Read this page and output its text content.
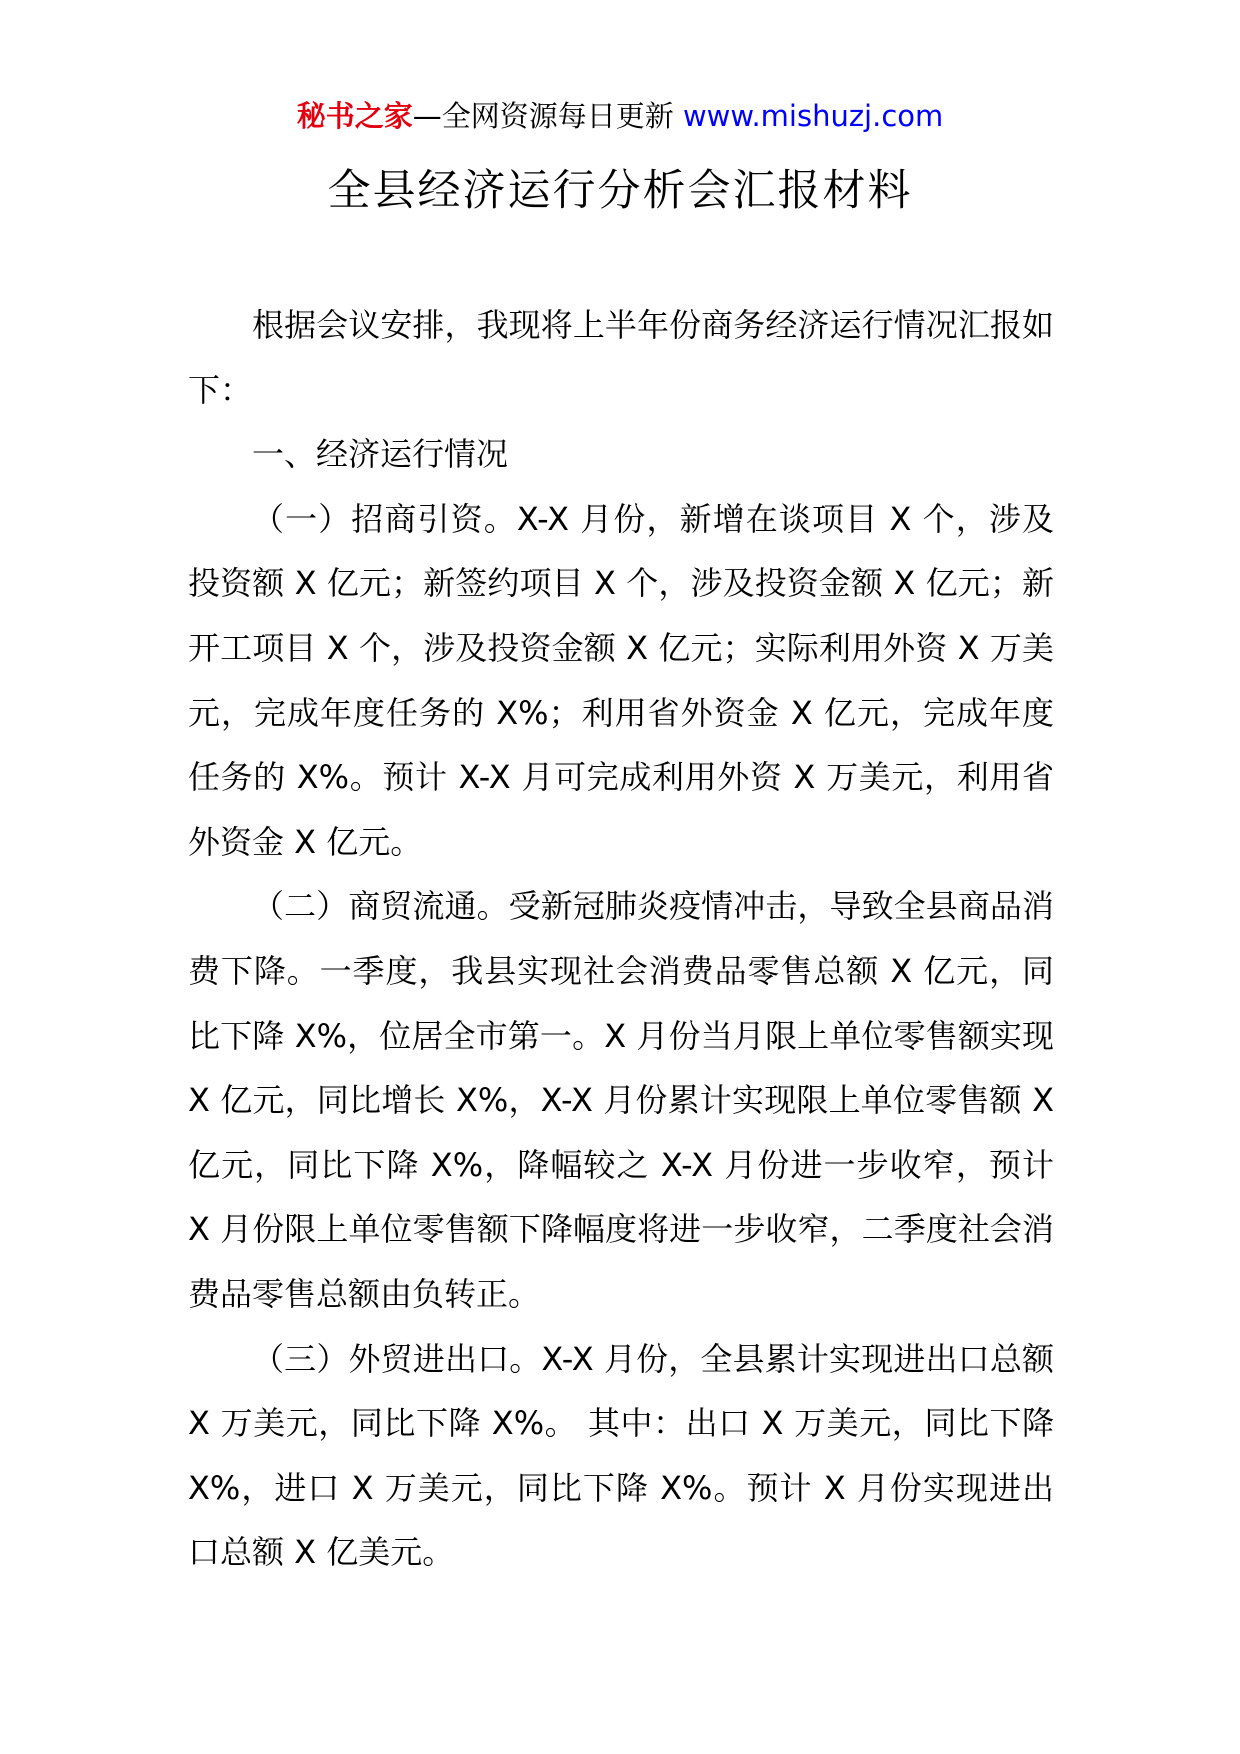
秘书之家—全网资源每日更新 www.mishuzj.com
全县经济运行分析会汇报材料

根据会议安排，我现将上半年份商务经济运行情况汇报如下：

一、经济运行情况

（一）招商引资。X-X 月份，新增在谈项目 X 个，涉及投资额 X 亿元；新签约项目 X 个，涉及投资金额 X 亿元；新开工项目 X 个，涉及投资金额 X 亿元；实际利用外资 X 万美元，完成年度任务的 X%；利用省外资金 X 亿元，完成年度任务的 X%。预计 X-X 月可完成利用外资 X 万美元，利用省外资金 X 亿元。

（二）商贸流通。受新冠肺炎疫情冲击，导致全县商品消费下降。一季度，我县实现社会消费品零售总额 X 亿元，同比下降 X%，位居全市第一。X 月份当月限上单位零售额实现 X 亿元，同比增长 X%，X-X 月份累计实现限上单位零售额 X 亿元，同比下降 X%，降幅较之 X-X 月份进一步收窄，预计 X 月份限上单位零售额下降幅度将进一步收窄，二季度社会消费品零售总额由负转正。

（三）外贸进出口。X-X 月份，全县累计实现进出口总额 X 万美元，同比下降 X%。 其中：出口 X 万美元，同比下降 X%，进口 X 万美元，同比下降 X%。预计 X 月份实现进出口总额 X 亿美元。
